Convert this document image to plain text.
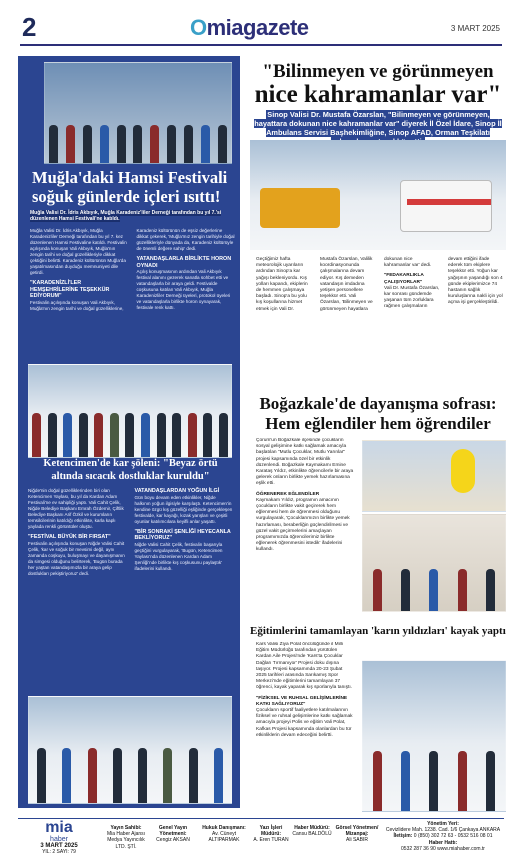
2	Omiagazete	3 MART 2025
Muğla'daki Hamsi Festivali soğuk günlerde içleri ısıttı!
Muğla Valisi Dr. İdris Akbıyık, Muğla Karadeniz'liler Derneği tarafından bu yıl 7.'si düzenlenen Hamsi Festivali'ne katıldı.
Muğla Valisi Dr. İdris Akbıyık, Muğla Karadenizliler Derneği tarafından bu yıl 7. kez düzenlenen Hamsi Festivaline katıldı. Festivalin açılışında konuşan Vali Akbıyık, Muğla'nın zengin tarihi ve doğal güzellikleriyle dikkat çektiğini belirtti. Karadeniz kültürünün Muğla'da yaşatılmasından duyduğu memnuniyeti dile getirdi.
"KARADENİZLİ'LER HEMŞEHRİLERİNE TEŞEKKÜR EDİYORUM"
Festivalin açılışında konuşan Vali Akbıyık, Muğla'nın zengin tarihi ve doğal güzelliklerine, Karadeniz kültürünün de eşsiz değerlerine dikkat çekerek, 'Muğla'mız zengin tarihiyle doğal güzellikleriyle dünyada da, Karadeniz kültürüyle de önemli değere sahip' dedi.
YATANDAŞLARLA BİRLİKTE HORON OYNADI
Açılış konuşmasının ardından Vali Akbıyık festival alanını gezerek sanatla sohbet etti ve vatandaşlarla bir araya geldi. Festivalde coşkusuna katılan Vali Akbıyık, Muğla Karadenizliler Derneği üyeleri, protokol üyeleri ve vatandaşlarla birlikte horon oynayarak, festivale renk kattı.
Ketencimen'de kar şöleni: "Beyaz örtü altında sıcacık dostluklar kuruldu"
Niğde'nin doğal güzelliklerinden biri olan Ketencimen Yaylası, bu yıl da Kardan Adam Festivali'ne ev sahipliği yaptı. Vali Cahit Çelik, Niğde Belediye Başkanı Emrah Özdemir, Çiftlik Belediye Başkanı Arif Özkil ve kurumların temsilcilerinin katıldığı etkinlikte, karla kaplı yaylada renkli görüntüler oluştu.
"FESTİVAL BÜYÜK BİR FIRSAT"
Festivalin açılışında konuşan Niğde Valisi Cahit Çelik, 'kar ve soğuk bir mevsimi değil, aynı zamanda coşkuyu, buluşmayı ve dayanışmanın da simgesi olduğunu belirterek, 'Bugün burada her yaştan vatandaşımızla bir araya gelip dostlukları pekiştiriyoruz' dedi.
VATANDAŞLARDAN YOĞUN İLGİ
Gün boyu devam eden etkinlikler, Niğde halkının yoğun ilgisiyle karşılaştı. Ketencimen'in kendine özgü kış güzelliği eşliğinde gerçekleşen festivalde, kar kayağı, kızak yarışları ve çeşitli oyunlar katılımcılara keyifli anlar yaşattı.
"BİR SONRAKİ ŞENLİĞİ HEYECANLA BEKLİYORUZ"
Niğde Valisi Cahit Çelik, festivalin başarıyla geçtiğini vurgulayarak, 'Bugün, Ketencimen Yaylası'nda düzenlenen Kardan Adam Şenliği'nde birlikte kış coşkusunu paylaştık' ifadelerini kullandı.
"Bilinmeyen ve görünmeyen
nice kahramanlar var"
Sinop Valisi Dr. Mustafa Özarslan, "Bilinmeyen ve görünmeyen, hayattara dokunan nice kahramanlar var" diyerek İl Özel İdare, Sinop İl Ambulans Servisi Başhekimliğine, Sinop AFAD, Orman Teşkilatı
Geçtiğimiz hafta meteorolojik uyarıların ardından Sinop'a kar yağışı bekleniyordu. Kış yolları kapandı, ekiplerin de hemmen çalışmaya başladı. Sinop'a bu yolu kış koşullarına hizmet etmek için Vali Dr. Mustafa Özarslan, Valilik koordinasyonunda çalışmalarına devam ediyor. Kış demeden vatandaşın imdadına yetişen personellere teşekkür etti. Vali Özarslan, 'Bilinmeyen ve görünmeyen hayatlara dokunan nice kahramanlar var' dedi.
"FEDAKARLIKLA ÇALIŞIYORLAR"
Vali Dr. Mustafa Özarslan, kar sonrası gündemde yaşanan tüm zorluklara rağmen çalışmaların devam ettiğini ifade ederek tüm ekiplere teşekkür etti. Yoğun kar yağışının yaşandığı son 4 günde ekiplerimizce 74 hastanın sağlık kuruluşlarına nakli için yol açma işi gerçekleştirildi.
Boğazkale'de dayanışma sofrası:
Hem eğlendiler hem öğrendiler
Çorum'un Boğazkale ilçesinde çocukların sosyal gelişimine katkı sağlamak amacıyla başlatılan "Mutlu Çocuklar, Mutlu Yarınlar" projesi kapsamında özel bir etkinlik düzenlendi. Boğazkale Kaymakamı Emine Karataş Yıldız, etkinlikte öğrencilerle bir araya gelerek onların birlikte yemek hazırlamasına eşlik etti.
ÖĞRENEREK EĞLENDİLER
Kaymakam Yıldız, programın amacının çocukların birlikte vakit geçirerek hem eğlenmesi hem de öğrenmesi olduğunu vurgulayarak, 'Çocuklarımızın birlikte yemek hazırlaması, beraberliğin güçlendirilmesi ve güzel vakit geçirmelerini amaçlayan programımızda öğrencilerimiz birlikte eğlenerek öğrenmesini istedik' ifadelerini kullandı.
Eğitimlerini tamamlayan 'karın yıldızları' kayak yaptı
Kars Valisi Ziya Polat öncülüğünde il Milli Eğitim Müdürlüğü tarafından yürütülen Kardan Aile Projesi'nde 'Kars'ta Çocuklar Dağları Tırmanıyor' Projesi doku dışına taşıyor. Projesi kapsamında 20-23 Şubat 2025 tarihleri arasında Sarıkamış Spor Merkezi'nde eğitimlerini tamamlayan 37 öğrenci, kayak yaparak kış sporlarıyla tanıştı.
"FİZİKSEL VE RUHSAL GELİŞİMLERİNE KATKI SAĞLIYORUZ"
Çocukların sportif faaliyetlere katılmalarının fiziksel ve ruhsal gelişimlerine katkı sağlamak amacıyla projeyi Polis ve eğitim Vali Polat, Kafkas Projesi kapsamında olanlardan bu tür etkinliklerin devam edeceğini belirtti.
mia
haber
3 MART 2025
YIL: 2 SAYI: 79
Yayın Sahibi:
Mia Haber Ajansı Medya Yayıncılık LTD. ŞTİ.
Genel Yayın Yönetmeni:
Cengiz AKSAN
Hukuk Danışmanı:
Av. Cüneyt ALTIPARMAK
Yazı İşleri Müdürü:
A. Eren TURAN
Haber Müdürü:
Cansu BALDÖLÜ
Görsel Yönetmen/ Mizanpaj:
Ali SABIR
Yönetim Yeri:
Cevizlidere Mah. 1238. Cad. 1/6 Çankaya ANKARA
İletişim: 0 (850) 302 72 63 - 0532 516 08 01
Haber Hattı:
0532 287 36 90 www.miahaber.com.tr
